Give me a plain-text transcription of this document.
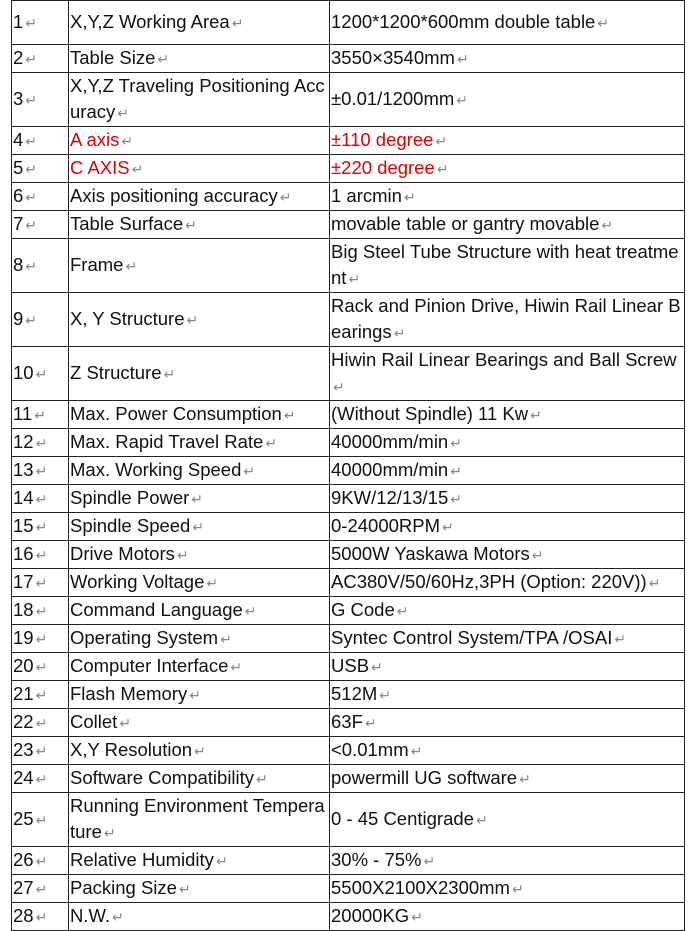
1 ↵	X,Y,Z Working Area ↵	1200*1200*600mm double table ↵
2 ↵	Table Size ↵	3550×3540mm ↵
3 ↵	X,Y,Z Traveling Positioning Accuracy ↵	±0.01/1200mm ↵
4 ↵	A axis ↵	±110 degree ↵
5 ↵	C AXIS ↵	±220 degree ↵
6 ↵	Axis positioning accuracy ↵	1 arcmin ↵
7 ↵	Table Surface ↵	movable table or gantry movable ↵
8 ↵	Frame ↵	Big Steel Tube Structure with heat treatment ↵
9 ↵	X, Y Structure ↵	Rack and Pinion Drive, Hiwin Rail Linear Bearings ↵
10 ↵	Z Structure ↵	Hiwin Rail Linear Bearings and Ball Screw↵
11 ↵	Max. Power Consumption ↵	(Without Spindle) 11 Kw ↵
12 ↵	Max. Rapid Travel Rate ↵	40000mm/min ↵
13 ↵	Max. Working Speed ↵	40000mm/min ↵
14 ↵	Spindle Power ↵	9KW/12/13/15 ↵
15 ↵	Spindle Speed ↵	0-24000RPM ↵
16 ↵	Drive Motors ↵	5000W Yaskawa Motors ↵
17 ↵	Working Voltage ↵	AC380V/50/60Hz,3PH (Option: 220V)) ↵
18 ↵	Command Language ↵	G Code ↵
19 ↵	Operating System ↵	Syntec Control System/TPA /OSAI ↵
20 ↵	Computer Interface ↵	USB ↵
21 ↵	Flash Memory ↵	512M ↵
22 ↵	Collet ↵	63F ↵
23 ↵	X,Y Resolution ↵	<0.01mm ↵
24 ↵	Software Compatibility ↵	powermill UG software ↵
25 ↵	Running Environment Temperature ↵	0 - 45 Centigrade ↵
26 ↵	Relative Humidity ↵	30% - 75% ↵
27 ↵	Packing Size ↵	5500X2100X2300mm ↵
28 ↵	N.W. ↵	20000KG ↵
